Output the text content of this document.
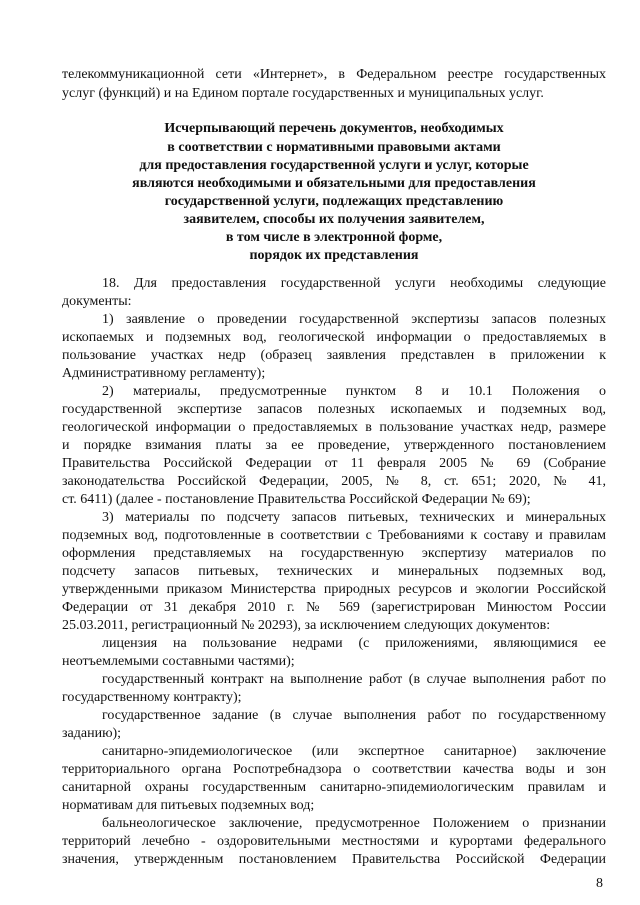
телекоммуникационной сети «Интернет», в Федеральном реестре государственных
услуг (функций) и на Едином портале государственных и муниципальных услуг.
Исчерпывающий перечень документов, необходимых
в соответствии с нормативными правовыми актами
для предоставления государственной услуги и услуг, которые
являются необходимыми и обязательными для предоставления
государственной услуги, подлежащих представлению
заявителем, способы их получения заявителем,
в том числе в электронной форме,
порядок их представления
18. Для предоставления государственной услуги необходимы следующие
документы:
1) заявление о проведении государственной экспертизы запасов полезных
ископаемых и подземных вод, геологической информации о предоставляемых в
пользование участках недр (образец заявления представлен в приложении к
Административному регламенту);
2) материалы, предусмотренные пунктом 8 и 10.1 Положения о
государственной экспертизе запасов полезных ископаемых и подземных вод,
геологической информации о предоставляемых в пользование участках недр, размере
и порядке взимания платы за ее проведение, утвержденного постановлением
Правительства Российской Федерации от 11 февраля 2005 № 69 (Собрание
законодательства Российской Федерации, 2005, № 8, ст. 651; 2020, № 41,
ст. 6411) (далее - постановление Правительства Российской Федерации № 69);
3) материалы по подсчету запасов питьевых, технических и минеральных
подземных вод, подготовленные в соответствии с Требованиями к составу и правилам
оформления представляемых на государственную экспертизу материалов по
подсчету запасов питьевых, технических и минеральных подземных вод,
утвержденными приказом Министерства природных ресурсов и экологии Российской
Федерации от 31 декабря 2010 г. № 569 (зарегистрирован Минюстом России
25.03.2011, регистрационный № 20293), за исключением следующих документов:
лицензия на пользование недрами (с приложениями, являющимися ее
неотъемлемыми составными частями);
государственный контракт на выполнение работ (в случае выполнения работ по
государственному контракту);
государственное задание (в случае выполнения работ по государственному
заданию);
санитарно-эпидемиологическое (или экспертное санитарное) заключение
территориального органа Роспотребнадзора о соответствии качества воды и зон
санитарной охраны государственным санитарно-эпидемиологическим правилам и
нормативам для питьевых подземных вод;
бальнеологическое заключение, предусмотренное Положением о признании
территорий лечебно - оздоровительными местностями и курортами федерального
значения, утвержденным постановлением Правительства Российской Федерации
8
